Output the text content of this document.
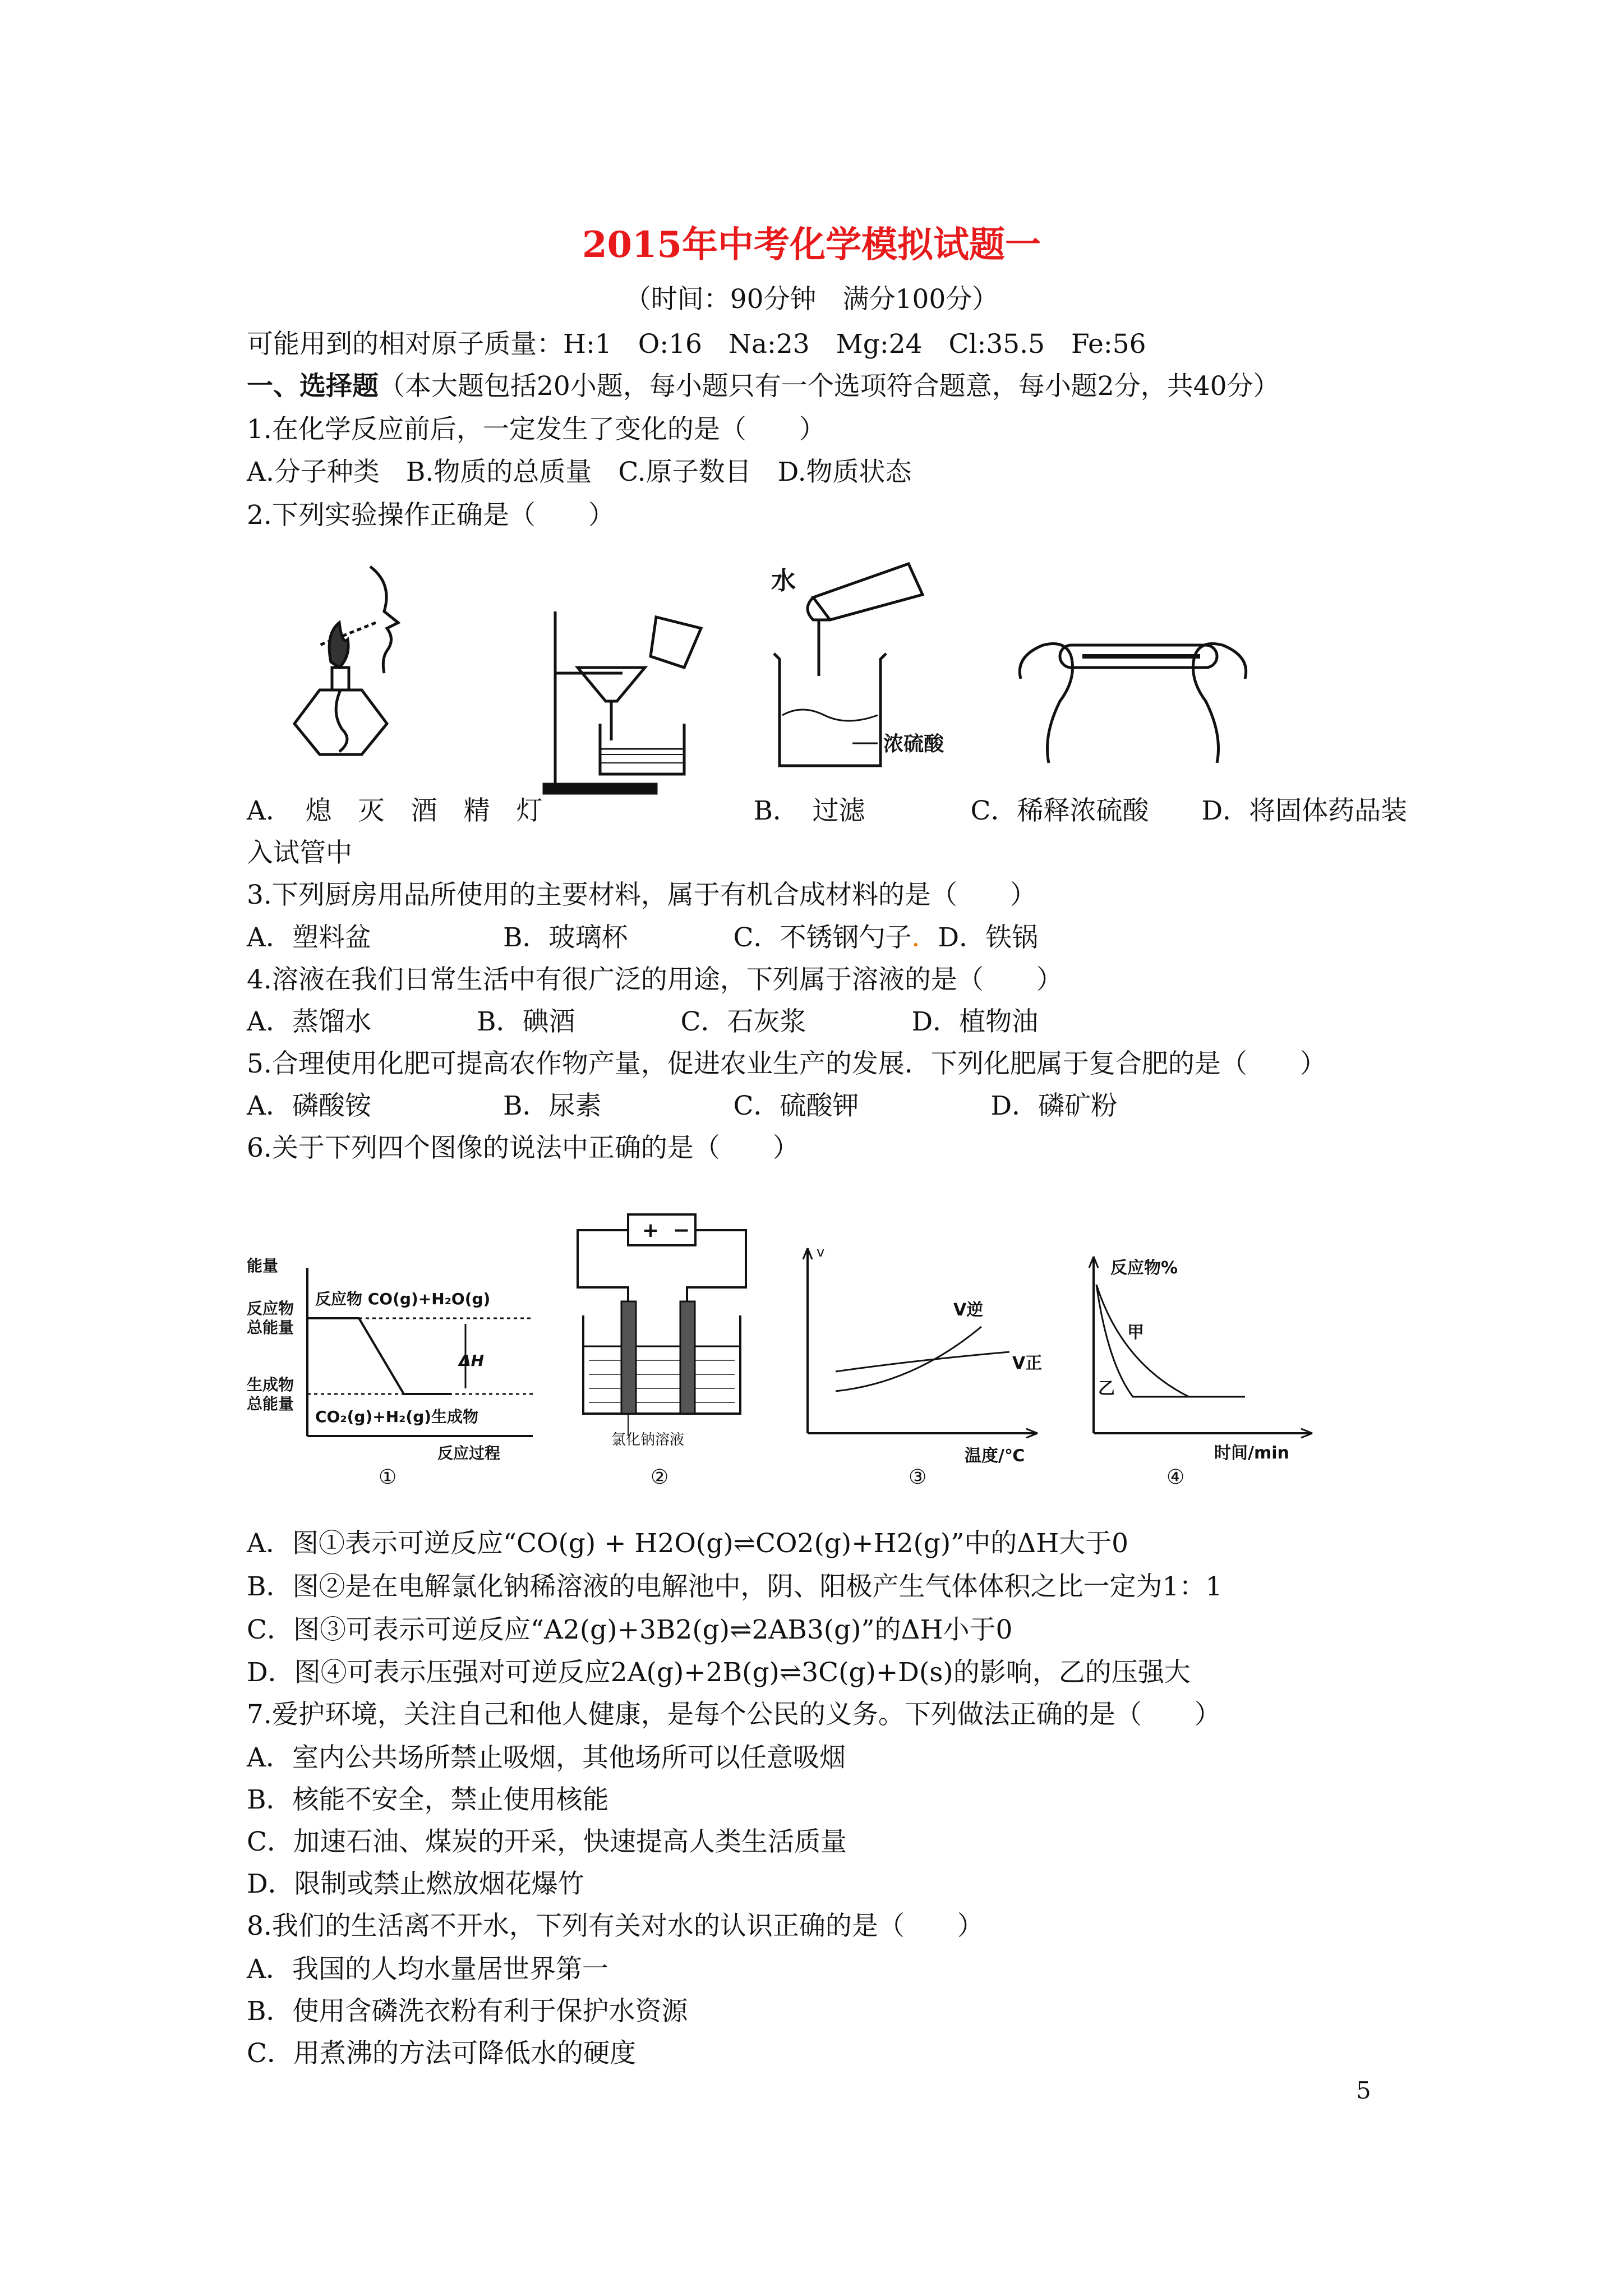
2015年中考化学模拟试题一
（时间：90分钟　满分100分）
可能用到的相对原子质量：H:1　O:16　Na:23　Mg:24　Cl:35.5　Fe:56
一、选择题（本大题包括20小题，每小题只有一个选项符合题意，每小题2分，共40分）
1.在化学反应前后，一定发生了变化的是（　　）
A.分子种类　B.物质的总质量　C.原子数目　D.物质状态
2.下列实验操作正确是（　　）
水
浓硫酸
A．　熄　灭　酒　精　灯　　　　　　　　B．　过滤　　　　C．稀释浓硫酸　　D．将固体药品装
入试管中
3.下列厨房用品所使用的主要材料，属于有机合成材料的是（　　）
A．塑料盆　　　　　B．玻璃杯　　　　C．不锈钢勺子．D．铁锅
4.溶液在我们日常生活中有很广泛的用途，下列属于溶液的是（　　）
A．蒸馏水　　　　B．碘酒　　　　C．石灰浆　　　　D．植物油
5.合理使用化肥可提高农作物产量，促进农业生产的发展．下列化肥属于复合肥的是（　　）
A．磷酸铵　　　　　B．尿素　　　　　C．硫酸钾　　　　　D．磷矿粉
6.关于下列四个图像的说法中正确的是（　　）
能量
反应物
总能量
生成物
总能量
反应物 CO(g)+H₂O(g)
CO₂(g)+H₂(g)生成物
ΔH
反应过程
①
+ −
氯化钠溶液
②
v
V逆
V正
温度/℃
③
反应物%
甲
乙
时间/min
④
A．图①表示可逆反应“CO(g) + H2O(g)⇌CO2(g)+H2(g)”中的ΔH大于0
B．图②是在电解氯化钠稀溶液的电解池中，阴、阳极产生气体体积之比一定为1：1
C．图③可表示可逆反应“A2(g)+3B2(g)⇌2AB3(g)”的ΔH小于0
D．图④可表示压强对可逆反应2A(g)+2B(g)⇌3C(g)+D(s)的影响，乙的压强大
7.爱护环境，关注自己和他人健康，是每个公民的义务。下列做法正确的是（　　）
A．室内公共场所禁止吸烟，其他场所可以任意吸烟
B．核能不安全，禁止使用核能
C．加速石油、煤炭的开采，快速提高人类生活质量
D．限制或禁止燃放烟花爆竹
8.我们的生活离不开水，下列有关对水的认识正确的是（　　）
A．我国的人均水量居世界第一
B．使用含磷洗衣粉有利于保护水资源
C．用煮沸的方法可降低水的硬度
5
